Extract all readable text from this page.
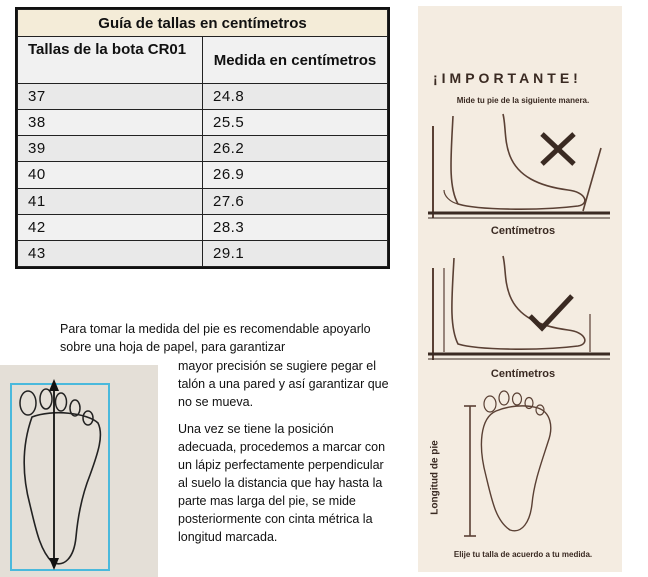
Guía de tallas en centímetros	
Tallas de la bota CR01	Medida en centímetros
37	24.8
38	25.5
39	26.2
40	26.9
41	27.6
42	28.3
43	29.1
Para tomar la medida del pie es recomendable apoyarlo sobre una hoja de papel, para garantizar
mayor precisión se sugiere pegar el talón a una pared y así garantizar que no se mueva.
Una vez se tiene la posición adecuada, procedemos a marcar con un lápiz perfectamente perpendicular al suelo la distancia que hay hasta la parte mas larga del pie, se mide posteriormente con cinta métrica la longitud marcada.
¡IMPORTANTE!
Mide tu pie de la siguiente manera.
Centímetros
Centímetros
Longitud de pie
Elije tu talla de acuerdo a tu medida.
